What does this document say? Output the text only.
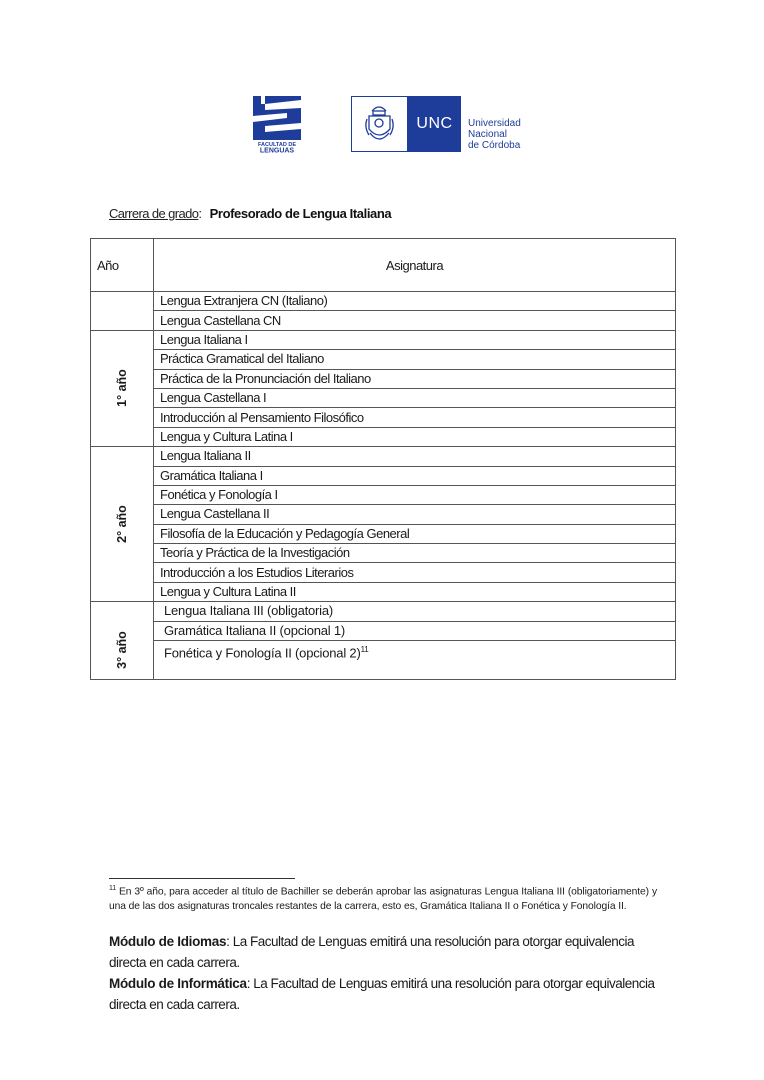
FACULTAD DE
LENGUAS
UNC	Universidad
Nacional
de Córdoba
Carrera de grado: Profesorado de Lengua Italiana
Año	Asignatura

	Lengua Extranjera CN (Italiano)
	Lengua Castellana CN

1° año	Lengua Italiana I
	Práctica Gramatical del Italiano
	Práctica de la Pronunciación del Italiano
	Lengua Castellana I
	Introducción al Pensamiento Filosófico
	Lengua y Cultura Latina I

2° año	Lengua Italiana II
	Gramática Italiana I
	Fonética y Fonología I
	Lengua Castellana II
	Filosofía de la Educación y Pedagogía General
	Teoría y Práctica de la Investigación
	Introducción a los Estudios Literarios
	Lengua y Cultura Latina II

3° año	Lengua Italiana III (obligatoria)
	Gramática Italiana II (opcional 1)
	Fonética y Fonología II (opcional 2)$^{11}$

$^{11}$ En 3º año, para acceder al título de Bachiller se deberán aprobar las asignaturas Lengua Italiana III (obligatoriamente) y una de las dos asignaturas troncales restantes de la carrera, esto es, Gramática Italiana II o Fonética y Fonología II.
Módulo de Idiomas: La Facultad de Lenguas emitirá una resolución para otorgar equivalencia directa en cada carrera.
Módulo de Informática: La Facultad de Lenguas emitirá una resolución para otorgar equivalencia directa en cada carrera.
